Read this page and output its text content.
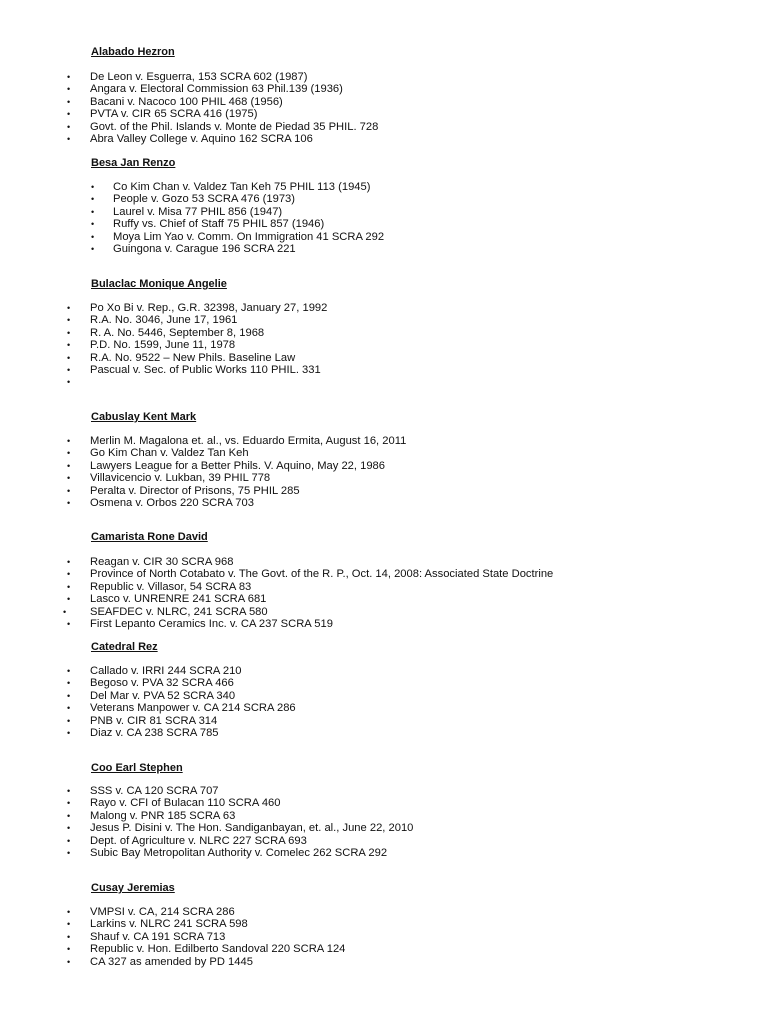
Alabado Hezron
• De Leon v. Esguerra, 153 SCRA 602 (1987)
• Angara v. Electoral Commission 63 Phil.139 (1936)
• Bacani v. Nacoco 100 PHIL 468 (1956)
• PVTA v. CIR 65 SCRA 416 (1975)
• Govt. of the Phil. Islands v. Monte de Piedad 35 PHIL. 728
• Abra Valley College v. Aquino 162 SCRA 106
Besa Jan Renzo
• Co Kim Chan v. Valdez Tan Keh 75 PHIL 113 (1945)
• People v. Gozo 53 SCRA 476 (1973)
• Laurel v. Misa 77 PHIL 856 (1947)
• Ruffy vs. Chief of Staff 75 PHIL 857 (1946)
• Moya Lim Yao v. Comm. On Immigration 41 SCRA 292
• Guingona v. Carague 196 SCRA 221
Bulaclac Monique Angelie
• Po Xo Bi v. Rep., G.R. 32398, January 27, 1992
• R.A. No. 3046, June 17, 1961
• R. A. No. 5446, September 8, 1968
• P.D. No. 1599, June 11, 1978
• R.A. No. 9522 – New Phils. Baseline Law
• Pascual v. Sec. of Public Works 110 PHIL. 331
•
Cabuslay Kent Mark
• Merlin M. Magalona et. al., vs. Eduardo Ermita, August 16, 2011
• Go Kim Chan v. Valdez Tan Keh
• Lawyers League for a Better Phils. V. Aquino, May 22, 1986
• Villavicencio v. Lukban, 39 PHIL 778
• Peralta v. Director of Prisons, 75 PHIL 285
• Osmena v. Orbos 220 SCRA 703
Camarista Rone David
• Reagan v. CIR 30 SCRA 968
• Province of North Cotabato v. The Govt. of the R. P., Oct. 14, 2008: Associated State Doctrine
• Republic v. Villasor, 54 SCRA 83
• Lasco v. UNRENRE 241 SCRA 681
• SEAFDEC v. NLRC, 241 SCRA 580
• First Lepanto Ceramics Inc. v. CA 237 SCRA 519
Catedral Rez
• Callado v. IRRI 244 SCRA 210
• Begoso v. PVA 32 SCRA 466
• Del Mar v. PVA 52 SCRA 340
• Veterans Manpower v. CA 214 SCRA 286
• PNB v. CIR 81 SCRA 314
• Diaz v. CA 238 SCRA 785
Coo Earl Stephen
• SSS v. CA 120 SCRA 707
• Rayo v. CFI of Bulacan 110 SCRA 460
• Malong v. PNR 185 SCRA 63
• Jesus P. Disini v. The Hon. Sandiganbayan, et. al., June 22, 2010
• Dept. of Agriculture v. NLRC 227 SCRA 693
• Subic Bay Metropolitan Authority v. Comelec 262 SCRA 292
Cusay Jeremias
• VMPSI v. CA, 214 SCRA 286
• Larkins v. NLRC 241 SCRA 598
• Shauf v. CA 191 SCRA 713
• Republic v. Hon. Edilberto Sandoval 220 SCRA 124
• CA 327 as amended by PD 1445
